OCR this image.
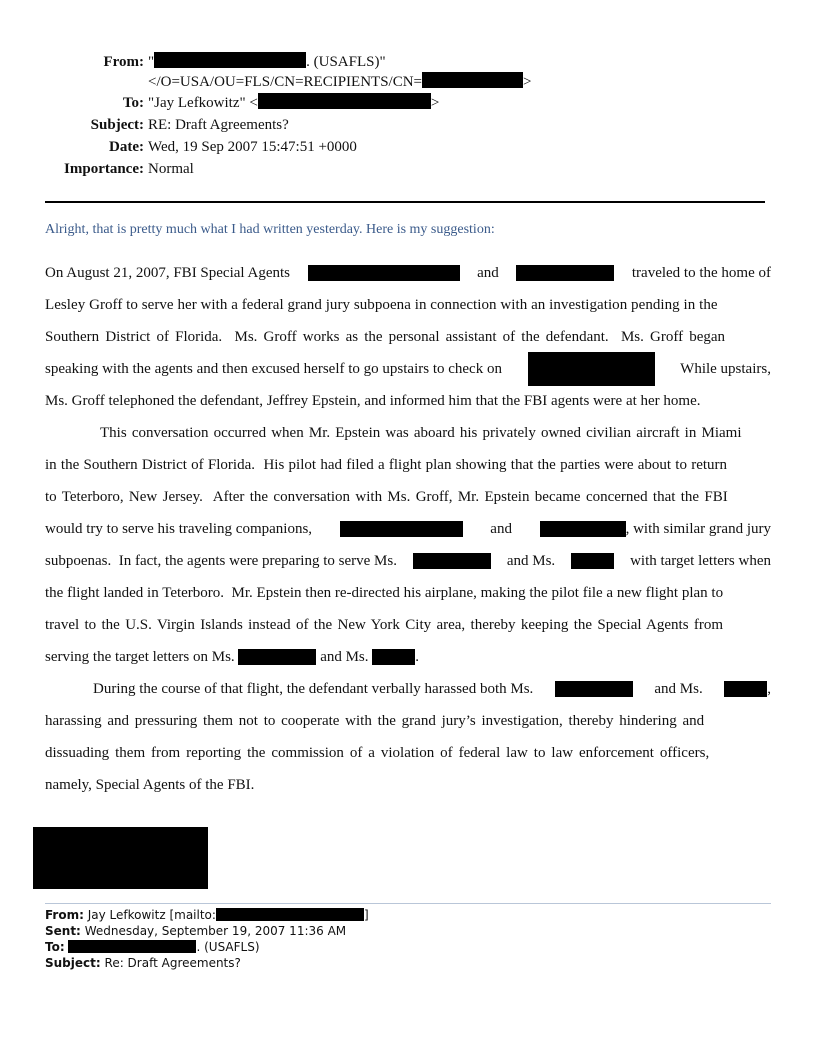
From: "	. (USAFLS)"
</O=USA/OU=FLS/CN=RECIPIENTS/CN=	>
To: "Jay Lefkowitz" <	>
Subject: RE: Draft Agreements?
Date: Wed, 19 Sep 2007 15:47:51 +0000
Importance: Normal
Alright, that is pretty much what I had written yesterday. Here is my suggestion:
On August 21, 2007, FBI Special Agents	and	traveled to the home of
Lesley Groff to serve her with a federal grand jury subpoena in connection with an investigation pending in the
Southern District of Florida.  Ms. Groff works as the personal assistant of the defendant.  Ms. Groff began
speaking with the agents and then excused herself to go upstairs to check on	While upstairs,
Ms. Groff telephoned the defendant, Jeffrey Epstein, and informed him that the FBI agents were at her home.
This conversation occurred when Mr. Epstein was aboard his privately owned civilian aircraft in Miami
in the Southern District of Florida.  His pilot had filed a flight plan showing that the parties were about to return
to Teterboro, New Jersey.  After the conversation with Ms. Groff, Mr. Epstein became concerned that the FBI
would try to serve his traveling companions,	and	, with similar grand jury
subpoenas.  In fact, the agents were preparing to serve Ms.	and Ms.	with target letters when
the flight landed in Teterboro.  Mr. Epstein then re-directed his airplane, making the pilot file a new flight plan to
travel to the U.S. Virgin Islands instead of the New York City area, thereby keeping the Special Agents from
serving the target letters on Ms.

	and Ms.
	.
During the course of that flight, the defendant verbally harassed both Ms.	and Ms.	,
harassing and pressuring them not to cooperate with the grand jury’s investigation, thereby hindering and
dissuading them from reporting the commission of a violation of federal law to law enforcement officers,
namely, Special Agents of the FBI.
From: Jay Lefkowitz [mailto:	]
Sent: Wednesday, September 19, 2007 11:36 AM
To:	. (USAFLS)
Subject: Re: Draft Agreements?
